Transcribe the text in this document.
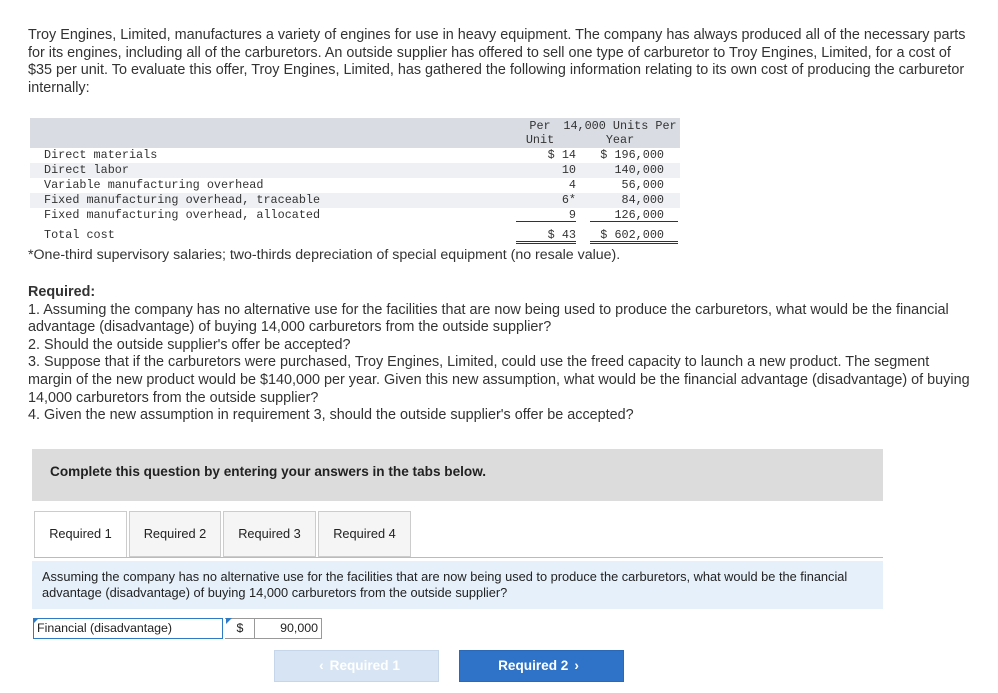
Troy Engines, Limited, manufactures a variety of engines for use in heavy equipment. The company has always produced all of the necessary parts for its engines, including all of the carburetors. An outside supplier has offered to sell one type of carburetor to Troy Engines, Limited, for a cost of $35 per unit. To evaluate this offer, Troy Engines, Limited, has gathered the following information relating to its own cost of producing the carburetor internally:
Per Unit
14,000 Units Per Year
Direct materials	$ 14	$ 196,000
Direct labor	10	140,000
Variable manufacturing overhead	4	56,000
Fixed manufacturing overhead, traceable	6*	84,000
Fixed manufacturing overhead, allocated	9	126,000
Total cost	$ 43	$ 602,000
*One-third supervisory salaries; two-thirds depreciation of special equipment (no resale value).
Required:
1. Assuming the company has no alternative use for the facilities that are now being used to produce the carburetors, what would be the financial advantage (disadvantage) of buying 14,000 carburetors from the outside supplier?
2. Should the outside supplier's offer be accepted?
3. Suppose that if the carburetors were purchased, Troy Engines, Limited, could use the freed capacity to launch a new product. The segment margin of the new product would be $140,000 per year. Given this new assumption, what would be the financial advantage (disadvantage) of buying 14,000 carburetors from the outside supplier?
4. Given the new assumption in requirement 3, should the outside supplier's offer be accepted?
Complete this question by entering your answers in the tabs below.
Required 1	Required 2	Required 3	Required 4
Assuming the company has no alternative use for the facilities that are now being used to produce the carburetors, what would be the financial advantage (disadvantage) of buying 14,000 carburetors from the outside supplier?
Financial (disadvantage)	$	90,000
‹ Required 1	Required 2 ›
